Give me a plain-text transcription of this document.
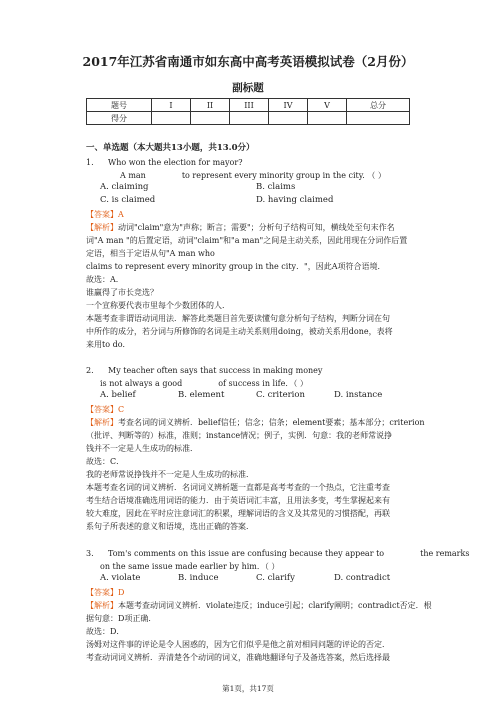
2017年江苏省南通市如东高中高考英语模拟试卷（2月份）
副标题
题号	I	II	III	IV	V	总分
得分						
一、单选题（本大题共13小题，共13.0分）
1. Who won the election for mayor?
A man	to represent every minority group in the city. （ ）
A. claiming	B. claims
C. is claimed	D. having claimed
【答案】A
【解析】动词"claim"意为"声称；断言；需要"；分析句子结构可知，横线处至句末作名
词"A man "的后置定语，动词"claim"和"a man"之间是主动关系，因此用现在分词作后置
定语，相当于定语从句"A man who
claims to represent every minority group in the city．"，因此A项符合语境．
故选：A．
谁赢得了市长竞选？
一个宣称要代表市里每个少数团体的人．
本题考查非谓语动词用法．解答此类题目首先要读懂句意分析句子结构，判断分词在句
中所作的成分，若分词与所修饰的名词是主动关系则用doing，被动关系用done，表将
来用to do．
2. My teacher often says that success in making money
is not always a good	of success in life．（ ）
A. belief	B. element	C. criterion	D. instance
【答案】C
【解析】考查名词的词义辨析．belief信任；信念；信条；element要素；基本部分；criterion
（批评、判断等的）标准，准则；instance情况；例子，实例．句意：我的老师常说挣
钱并不一定是人生成功的标准．
故选：C．
我的老师常说挣钱并不一定是人生成功的标准．
本题考查名词的词义辨析．名词词义辨析题一直都是高考考查的一个热点，它注重考查
考生结合语境准确选用词语的能力．由于英语词汇丰富，且用法多变，考生掌握起来有
较大难度，因此在平时应注意词汇的积累，理解词语的含义及其常见的习惯搭配，再联
系句子所表述的意义和语境，选出正确的答案．
3. Tom's comments on this issue are confusing because they appear to	the remarks
on the same issue made earlier by him．（ ）
A. violate	B. induce	C. clarify	D. contradict
【答案】D
【解析】本题考查动词词义辨析．violate违反；induce引起；clarify阐明；contradict否定．根
据句意：D项正确．
故选：D．
汤姆对这件事的评论是令人困惑的，因为它们似乎是他之前对相同问题的评论的否定．
考查动词词义辨析．弄清楚各个动词的词义，准确地翻译句子及备选答案，然后选择最
第1页，共17页
